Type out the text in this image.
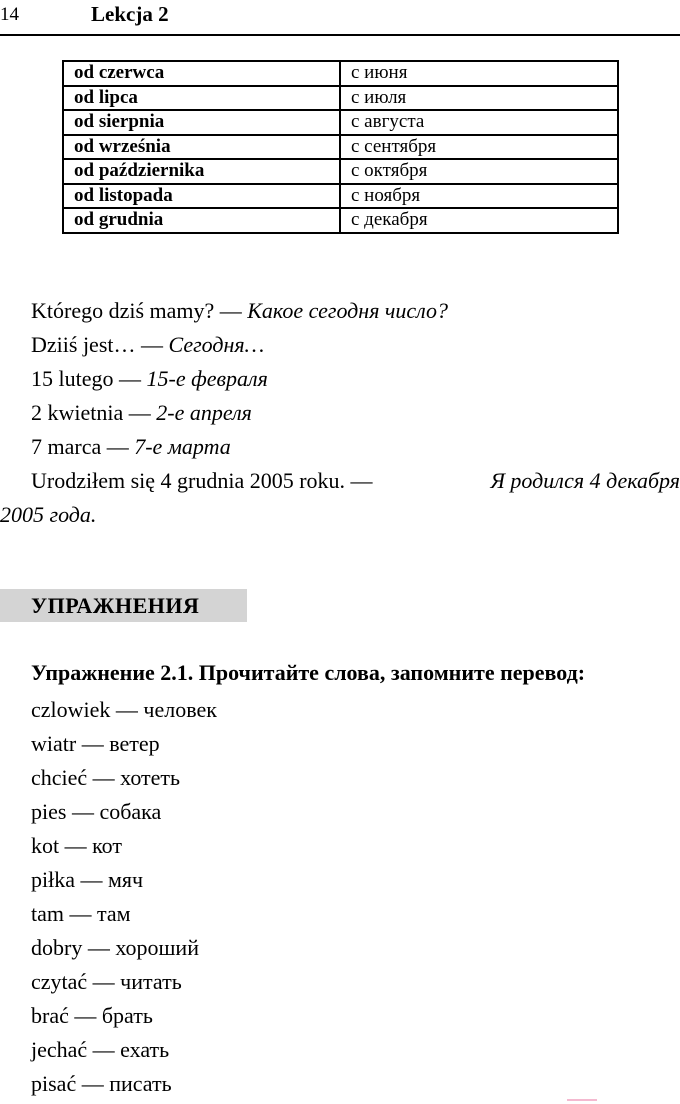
14	Lekcja 2
od czerwca	с июня
od lipca	с июля
od sierpnia	с августа
od września	с сентября
od października	с октября
od listopada	с ноября
od grudnia	с декабря
Którego dziś mamy? — Какое сегодня число?
Dziiś jest… — Сегодня…
15 lutego — 15-е февраля
2 kwietnia — 2-е апреля
7 marca — 7-е марта
Urodziłem się 4 grudnia 2005 roku. —	Я родился 4 декабря
2005 года.
УПРАЖНЕНИЯ
Упражнение 2.1. Прочитайте слова, запомните перевод:
czlowiek — человек
wiatr — ветер
chcieć — хотеть
pies — собака
kot — кот
piłka — мяч
tam — там
dobry — хороший
czytać — читать
brać — брать
jechać — ехать
pisać — писать
